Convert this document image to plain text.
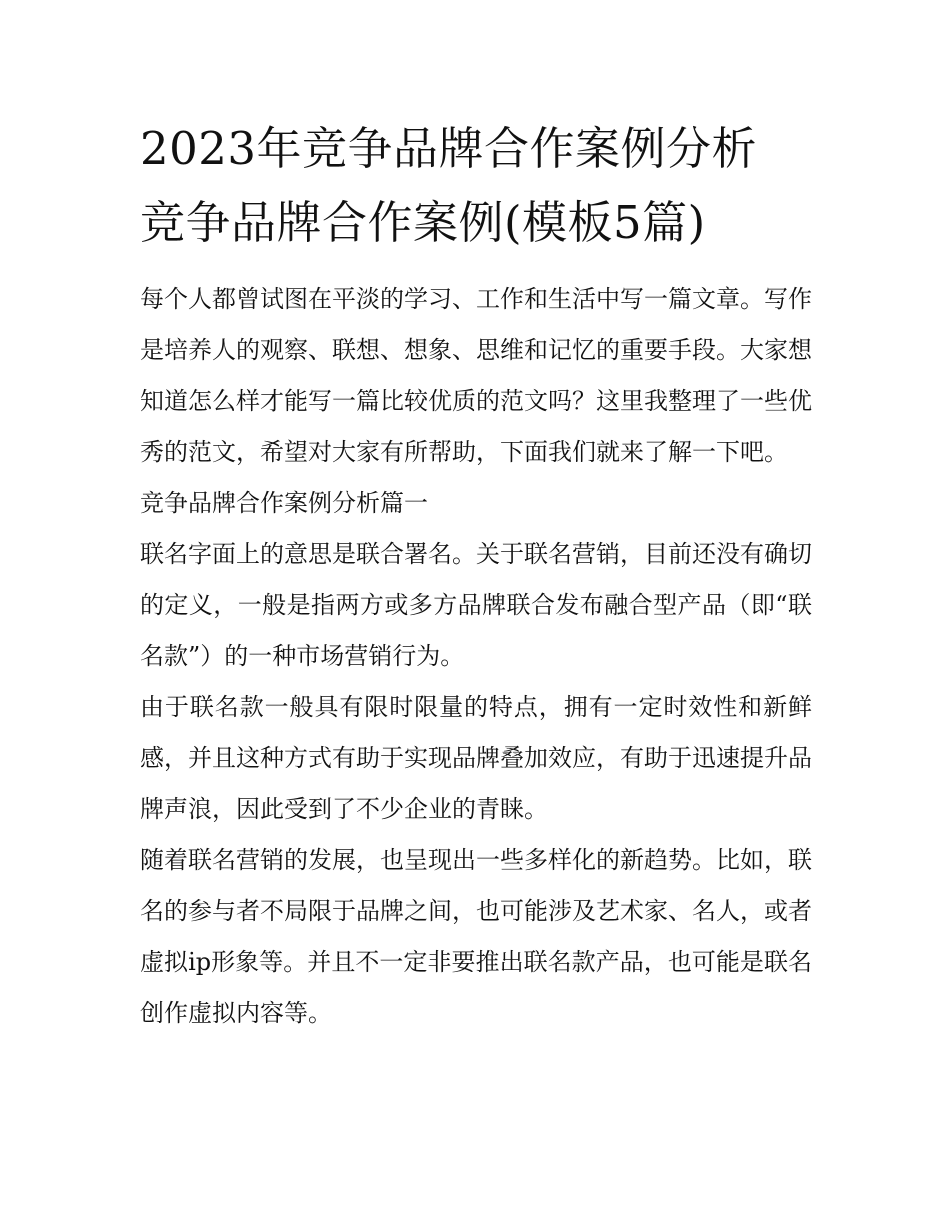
2023年竞争品牌合作案例分析
竞争品牌合作案例(模板5篇)

每个人都曾试图在平淡的学习、工作和生活中写一篇文章。写作是培养人的观察、联想、想象、思维和记忆的重要手段。大家想知道怎么样才能写一篇比较优质的范文吗？这里我整理了一些优秀的范文，希望对大家有所帮助，下面我们就来了解一下吧。

竞争品牌合作案例分析篇一

联名字面上的意思是联合署名。关于联名营销，目前还没有确切的定义，一般是指两方或多方品牌联合发布融合型产品（即“联名款”）的一种市场营销行为。

由于联名款一般具有限时限量的特点，拥有一定时效性和新鲜感，并且这种方式有助于实现品牌叠加效应，有助于迅速提升品牌声浪，因此受到了不少企业的青睐。

随着联名营销的发展，也呈现出一些多样化的新趋势。比如，联名的参与者不局限于品牌之间，也可能涉及艺术家、名人，或者虚拟ip形象等。并且不一定非要推出联名款产品，也可能是联名创作虚拟内容等。
